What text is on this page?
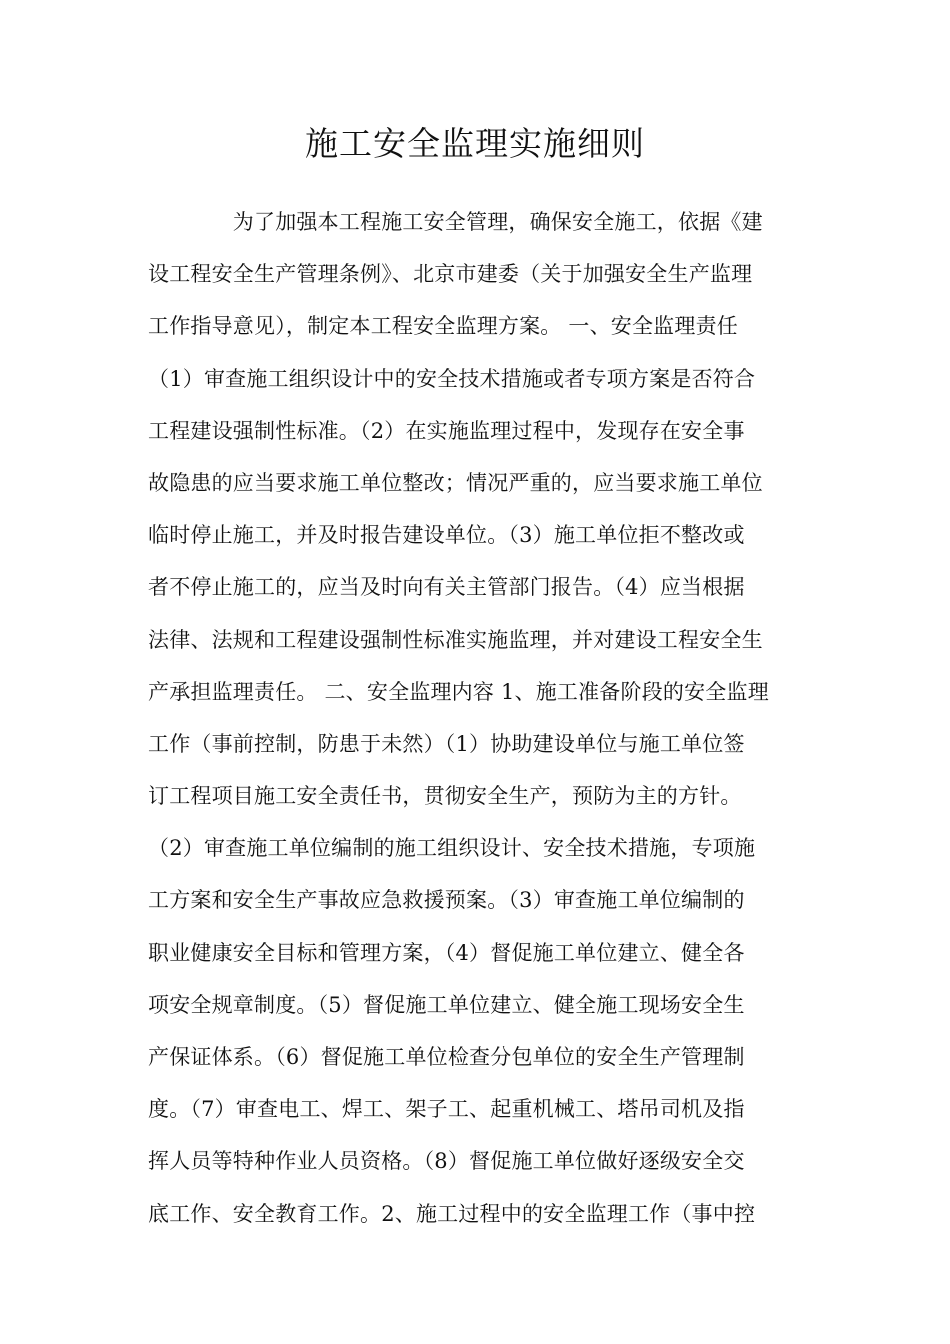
施工安全监理实施细则
　　　　为了加强本工程施工安全管理，确保安全施工，依据《建
设工程安全生产管理条例》、北京市建委（关于加强安全生产监理
工作指导意见），制定本工程安全监理方案。 一、安全监理责任
（1）审查施工组织设计中的安全技术措施或者专项方案是否符合
工程建设强制性标准。（2）在实施监理过程中，发现存在安全事
故隐患的应当要求施工单位整改；情况严重的，应当要求施工单位
临时停止施工，并及时报告建设单位。（3）施工单位拒不整改或
者不停止施工的，应当及时向有关主管部门报告。（4）应当根据
法律、法规和工程建设强制性标准实施监理，并对建设工程安全生
产承担监理责任。 二、安全监理内容 1、施工准备阶段的安全监理
工作（事前控制，防患于未然）（1）协助建设单位与施工单位签
订工程项目施工安全责任书，贯彻安全生产，预防为主的方针。
（2）审查施工单位编制的施工组织设计、安全技术措施，专项施
工方案和安全生产事故应急救援预案。（3）审查施工单位编制的
职业健康安全目标和管理方案，（4）督促施工单位建立、健全各
项安全规章制度。（5）督促施工单位建立、健全施工现场安全生
产保证体系。（6）督促施工单位检查分包单位的安全生产管理制
度。（7）审查电工、焊工、架子工、起重机械工、塔吊司机及指
挥人员等特种作业人员资格。（8）督促施工单位做好逐级安全交
底工作、安全教育工作。2、施工过程中的安全监理工作（事中控
